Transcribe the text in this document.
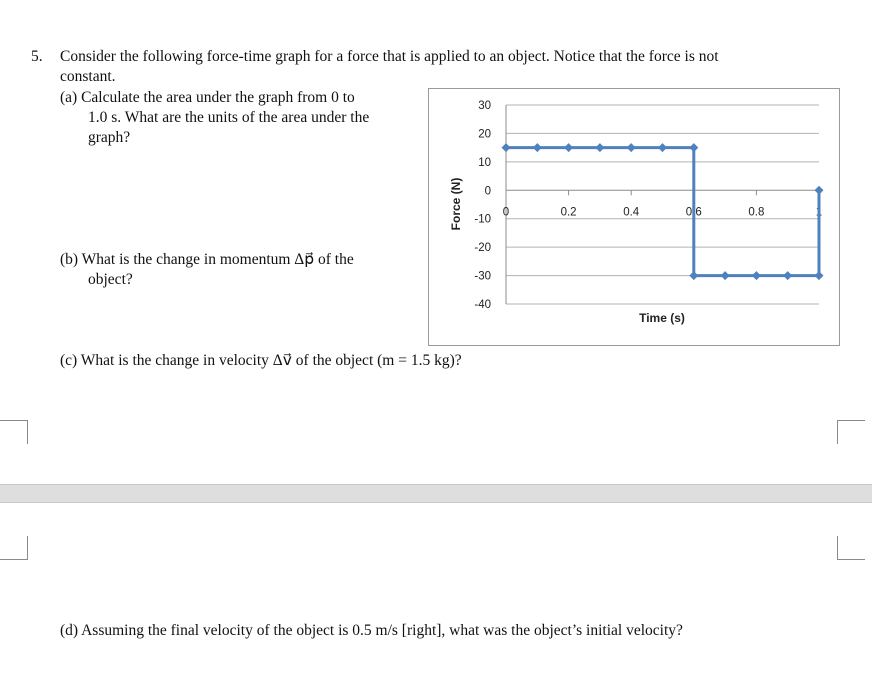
5. Consider the following force-time graph for a force that is applied to an object. Notice that the force is not
constant.
(a) Calculate the area under the graph from 0 to
1.0 s. What are the units of the area under the
graph?
(b) What is the change in momentum Δp⃗ of the
object?
(c) What is the change in velocity Δv⃗ of the object (m = 1.5 kg)?
30
20
10
0
-10
-20
-30
-40
0	0.2	0.4	0.6	0.8	1
Force (N)
Time (s)
(d) Assuming the final velocity of the object is 0.5 m/s [right], what was the object’s initial velocity?
